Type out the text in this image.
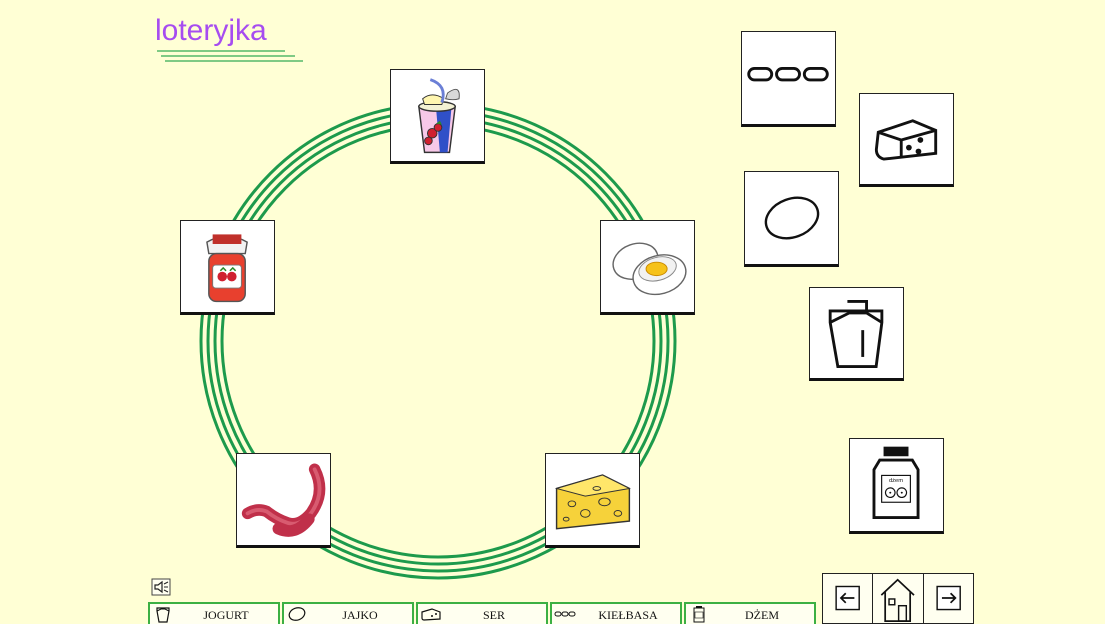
loteryjka
dżem
JOGURT	JAJKO	SER	KIEŁBASA	DŻEM
